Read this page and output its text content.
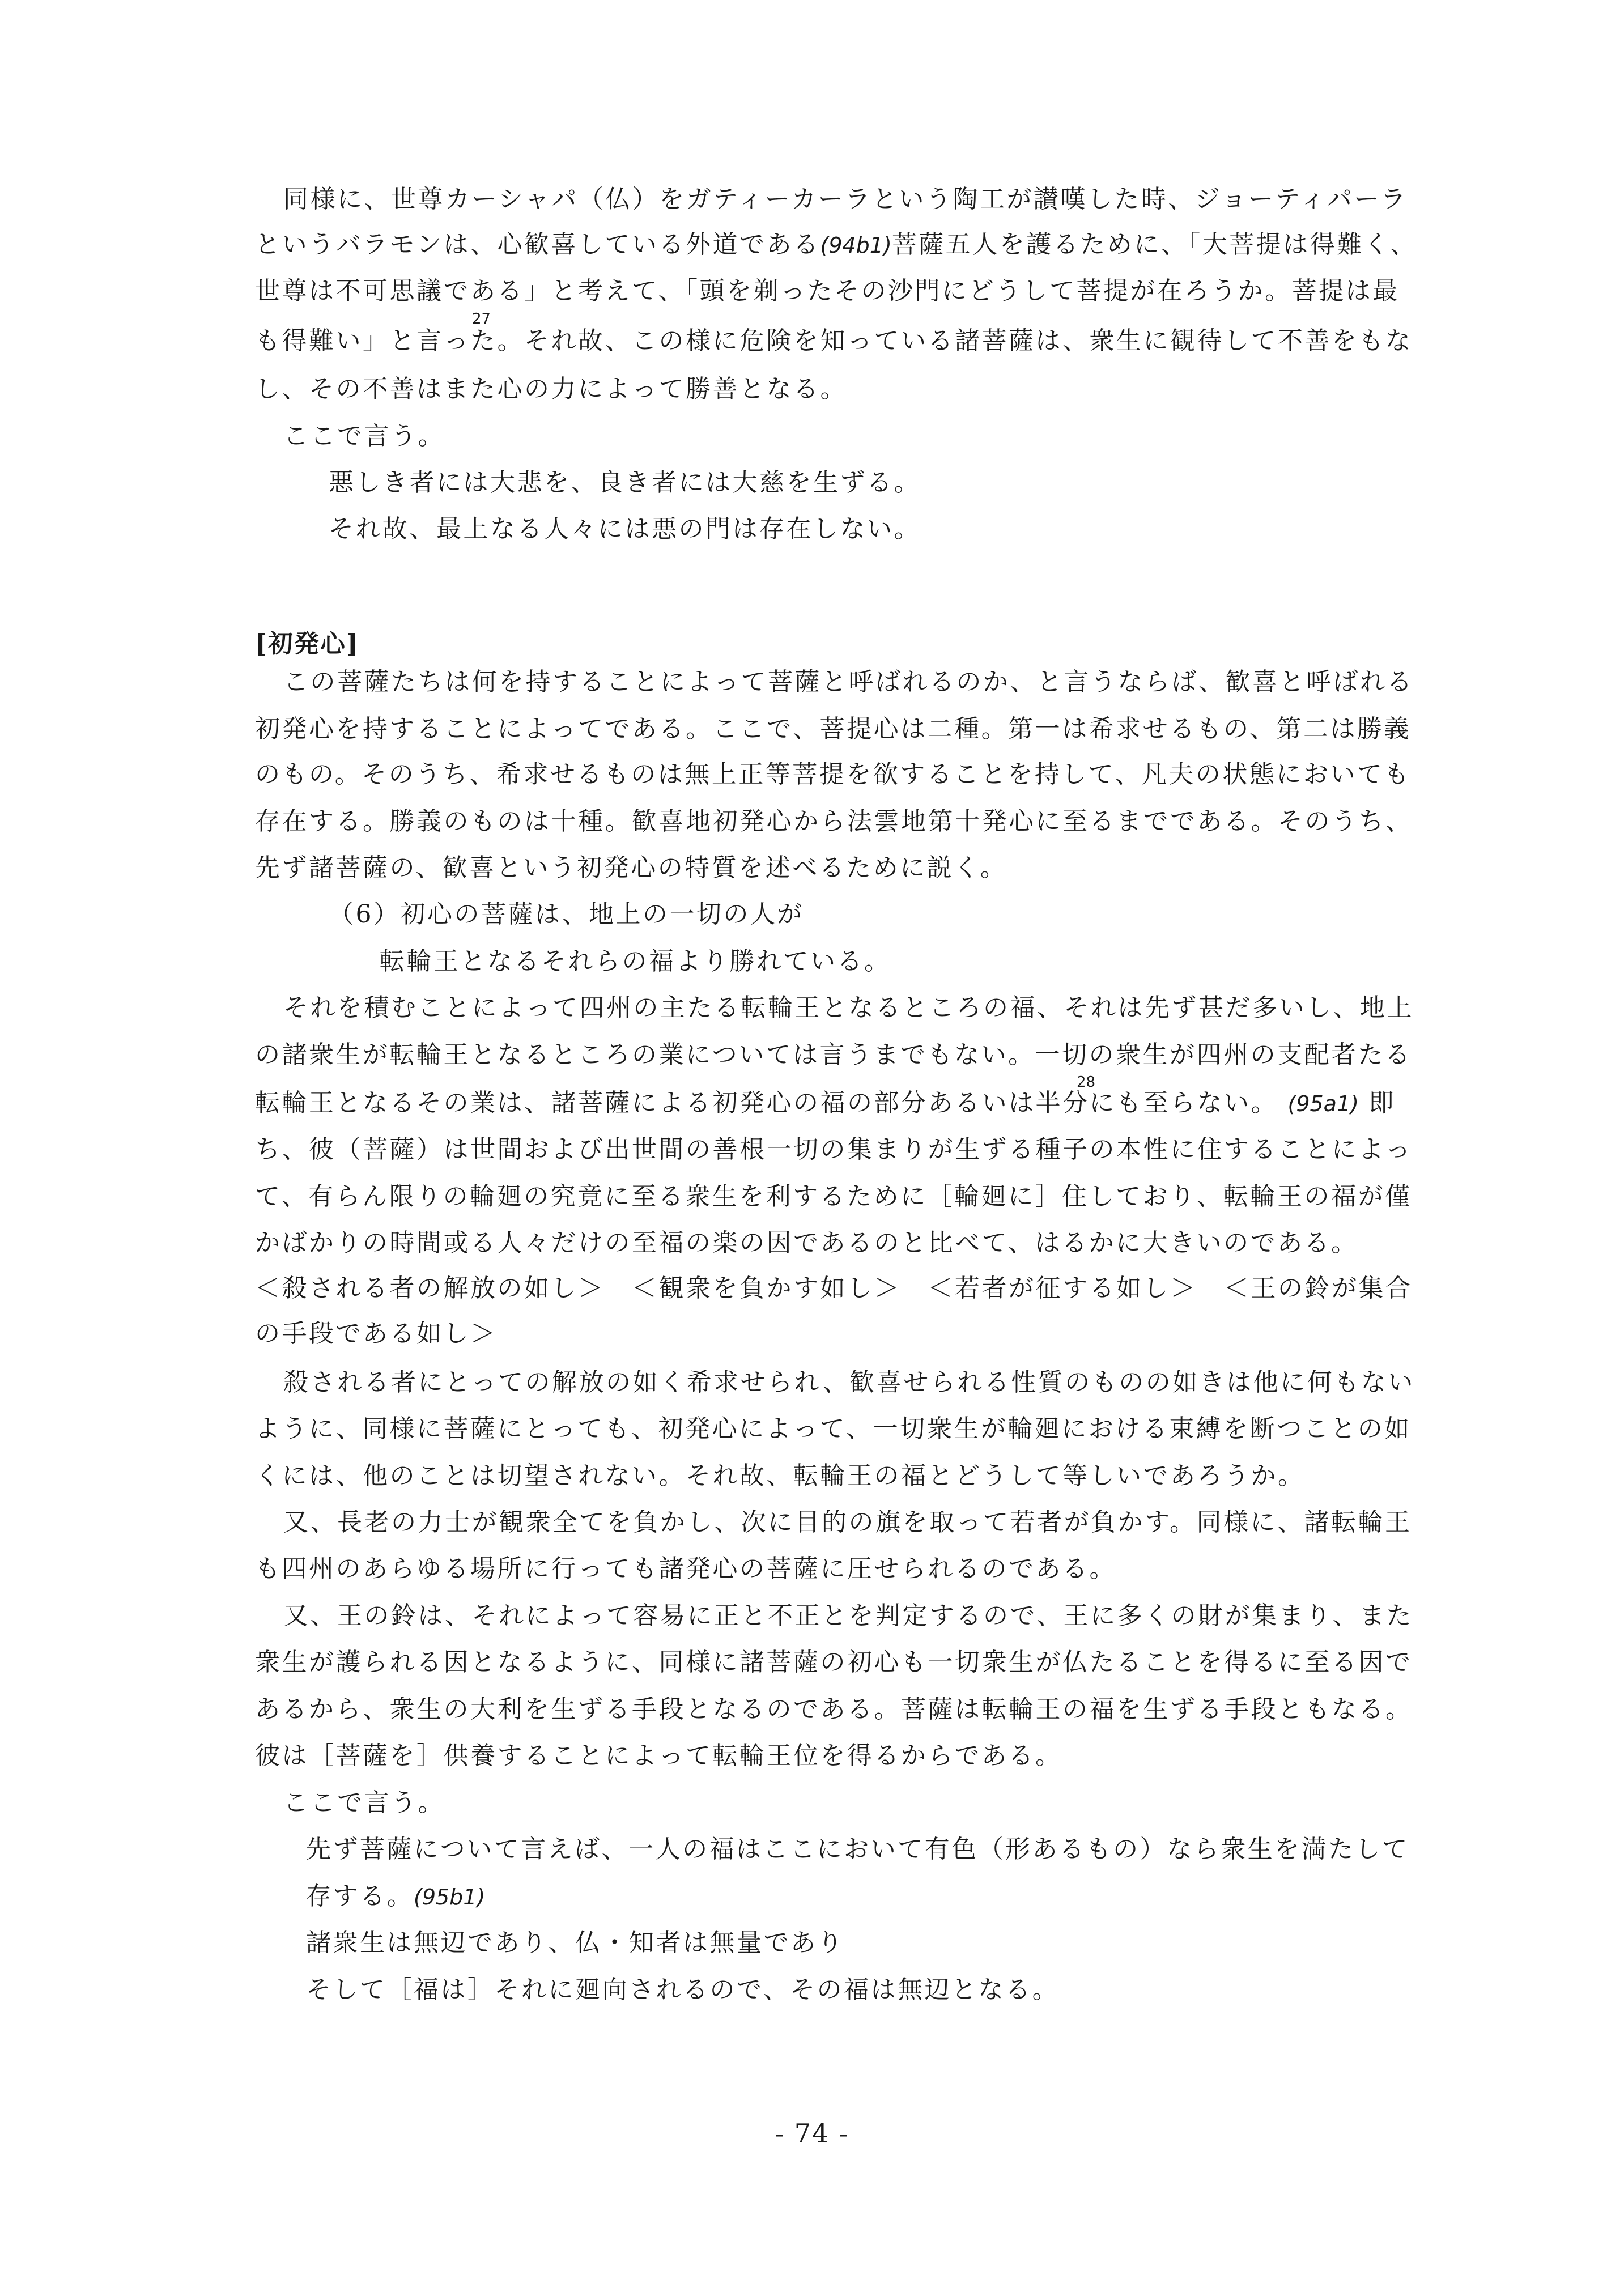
同様に、世尊カーシャパ（仏）をガティーカーラという陶工が讃嘆した時、ジョーティパーラ
というバラモンは、心歓喜している外道である(94b1)菩薩五人を護るために、「大菩提は得難く、
世尊は不可思議である」と考えて、「頭を剃ったその沙門にどうして菩提が在ろうか。菩提は最
27
も得難い」と言った。それ故、この様に危険を知っている諸菩薩は、衆生に観待して不善をもな
し、その不善はまた心の力によって勝善となる。
ここで言う。
悪しき者には大悲を、良き者には大慈を生ずる。
それ故、最上なる人々には悪の門は存在しない。
[初発心]
この菩薩たちは何を持することによって菩薩と呼ばれるのか、と言うならば、歓喜と呼ばれる
初発心を持することによってである。ここで、菩提心は二種。第一は希求せるもの、第二は勝義
のもの。そのうち、希求せるものは無上正等菩提を欲することを持して、凡夫の状態においても
存在する。勝義のものは十種。歓喜地初発心から法雲地第十発心に至るまでである。そのうち、
先ず諸菩薩の、歓喜という初発心の特質を述べるために説く。
（6）初心の菩薩は、地上の一切の人が
転輪王となるそれらの福より勝れている。
それを積むことによって四州の主たる転輪王となるところの福、それは先ず甚だ多いし、地上
の諸衆生が転輪王となるところの業については言うまでもない。一切の衆生が四州の支配者たる
28
転輪王となるその業は、諸菩薩による初発心の福の部分あるいは半分にも至らない。 (95a1) 即
ち、彼（菩薩）は世間および出世間の善根一切の集まりが生ずる種子の本性に住することによっ
て、有らん限りの輪廻の究竟に至る衆生を利するために［輪廻に］住しており、転輪王の福が僅
かばかりの時間或る人々だけの至福の楽の因であるのと比べて、はるかに大きいのである。
＜殺される者の解放の如し＞　＜観衆を負かす如し＞　＜若者が征する如し＞　＜王の鈴が集合
の手段である如し＞
殺される者にとっての解放の如く希求せられ、歓喜せられる性質のものの如きは他に何もない
ように、同様に菩薩にとっても、初発心によって、一切衆生が輪廻における束縛を断つことの如
くには、他のことは切望されない。それ故、転輪王の福とどうして等しいであろうか。
又、長老の力士が観衆全てを負かし、次に目的の旗を取って若者が負かす。同様に、諸転輪王
も四州のあらゆる場所に行っても諸発心の菩薩に圧せられるのである。
又、王の鈴は、それによって容易に正と不正とを判定するので、王に多くの財が集まり、また
衆生が護られる因となるように、同様に諸菩薩の初心も一切衆生が仏たることを得るに至る因で
あるから、衆生の大利を生ずる手段となるのである。菩薩は転輪王の福を生ずる手段ともなる。
彼は［菩薩を］供養することによって転輪王位を得るからである。
ここで言う。
先ず菩薩について言えば、一人の福はここにおいて有色（形あるもの）なら衆生を満たして
存する。(95b1)
諸衆生は無辺であり、仏・知者は無量であり
そして［福は］それに廻向されるので、その福は無辺となる。
- 74 -
